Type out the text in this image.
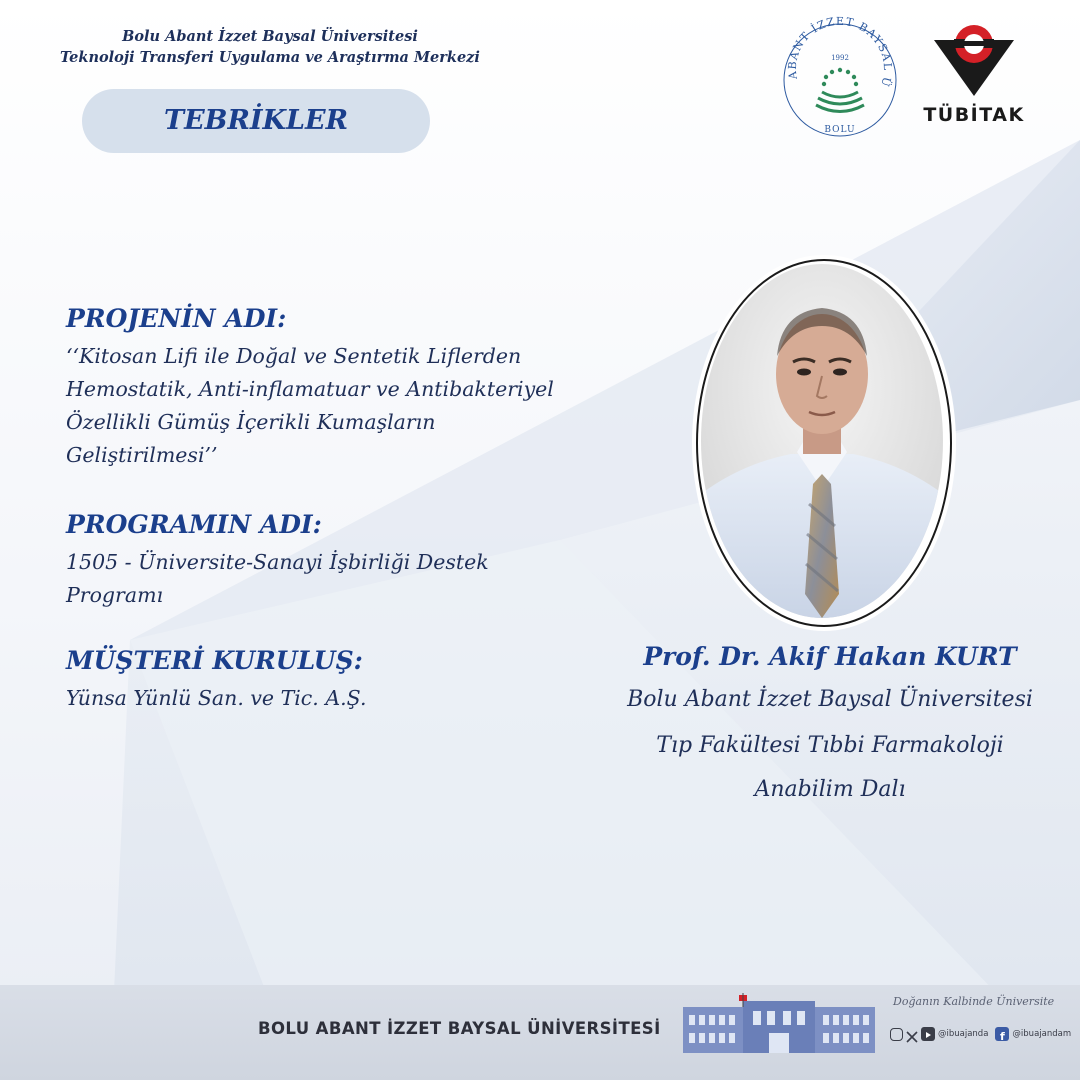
Bolu Abant İzzet Baysal Üniversitesi
Teknoloji Transferi Uygulama ve Araştırma Merkezi
TEBRİKLER
ABANT İZZET BAYSAL Ü
1992
BOLU
TÜBİTAK
PROJENİN ADI:
‘‘Kitosan Lifi ile Doğal ve Sentetik Liflerden
Hemostatik, Anti-inflamatuar ve Antibakteriyel
Özellikli Gümüş İçerikli Kumaşların
Geliştirilmesi’’
PROGRAMIN ADI:
1505 - Üniversite-Sanayi İşbirliği Destek
Programı
MÜŞTERİ KURULUŞ:
Yünsa Yünlü San. ve Tic. A.Ş.
Prof. Dr. Akif Hakan KURT
Bolu Abant İzzet Baysal Üniversitesi
Tıp Fakültesi Tıbbi Farmakoloji
Anabilim Dalı
BOLU ABANT İZZET BAYSAL ÜNİVERSİTESİ
Doğanın Kalbinde Üniversite
@ibuajanda f @ibuajandam
